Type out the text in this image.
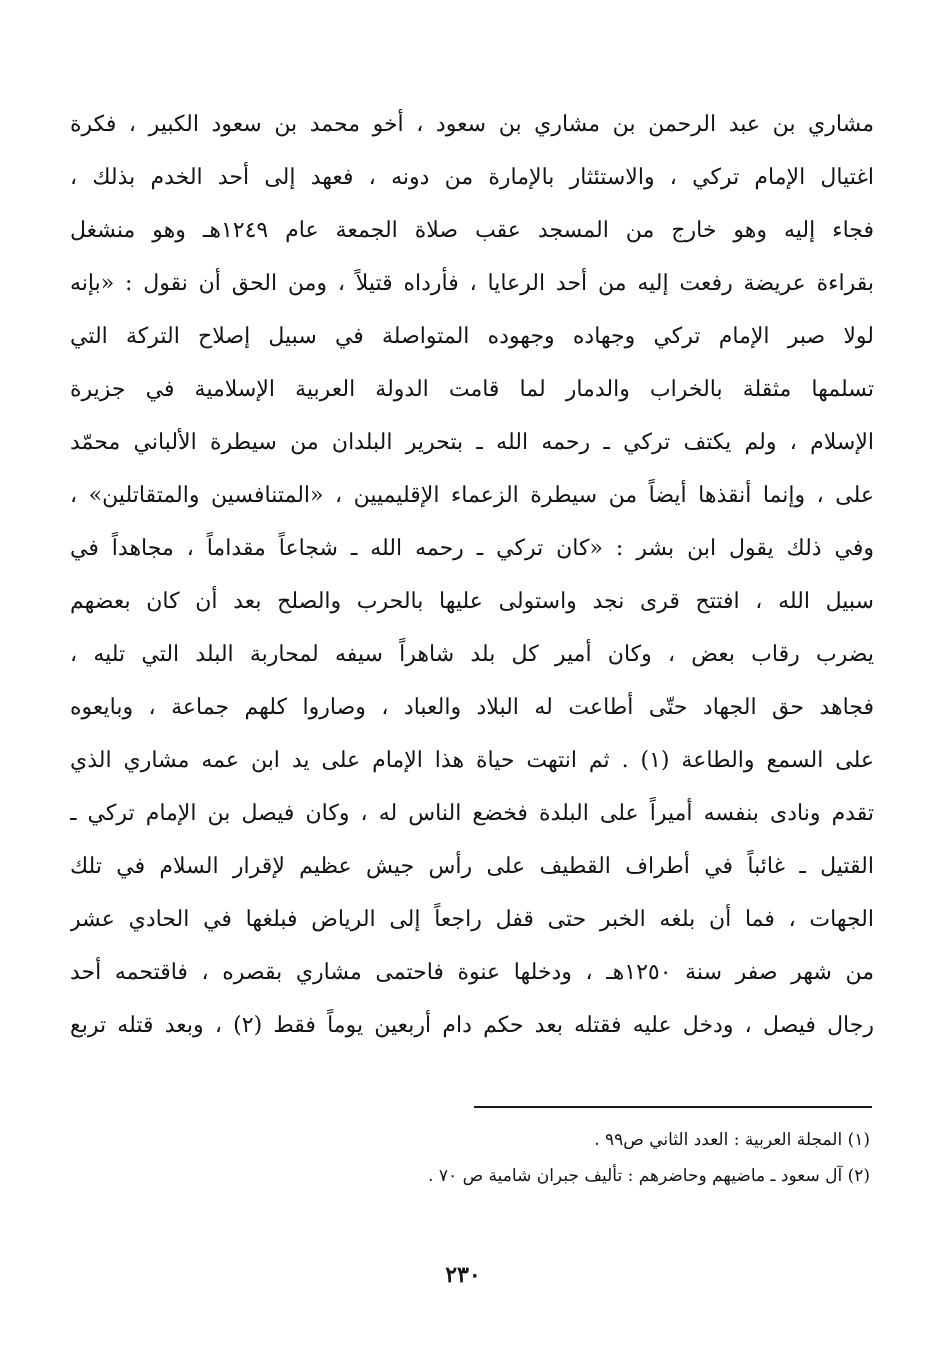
مشاري بن عبد الرحمن بن مشاري بن سعود ، أخو محمد بن سعود الكبير ، فكرة
اغتيال الإمام تركي ، والاستئثار بالإمارة من دونه ، فعهد إلى أحد الخدم بذلك ،
فجاء إليه وهو خارج من المسجد عقب صلاة الجمعة عام ١٢٤٩هـ وهو منشغل
بقراءة عريضة رفعت إليه من أحد الرعايا ، فأرداه قتيلاً ، ومن الحق أن نقول : «بإنه
لولا صبر الإمام تركي وجهاده وجهوده المتواصلة في سبيل إصلاح التركة التي
تسلمها مثقلة بالخراب والدمار لما قامت الدولة العربية الإسلامية في جزيرة
الإسلام ، ولم يكتف تركي ـ رحمه الله ـ بتحرير البلدان من سيطرة الألباني محمّد
على ، وإنما أنقذها أيضاً من سيطرة الزعماء الإقليميين ، «المتنافسين والمتقاتلين» ،
وفي ذلك يقول ابن بشر : «كان تركي ـ رحمه الله ـ شجاعاً مقداماً ، مجاهداً في
سبيل الله ، افتتح قرى نجد واستولى عليها بالحرب والصلح بعد أن كان بعضهم
يضرب رقاب بعض ، وكان أمير كل بلد شاهراً سيفه لمحاربة البلد التي تليه ،
فجاهد حق الجهاد حتّى أطاعت له البلاد والعباد ، وصاروا كلهم جماعة ، وبايعوه
على السمع والطاعة (١) . ثم انتهت حياة هذا الإمام على يد ابن عمه مشاري الذي
تقدم ونادى بنفسه أميراً على البلدة فخضع الناس له ، وكان فيصل بن الإمام تركي ـ
القتيل ـ غائباً في أطراف القطيف على رأس جيش عظيم لإقرار السلام في تلك
الجهات ، فما أن بلغه الخبر حتى قفل راجعاً إلى الرياض فبلغها في الحادي عشر
من شهر صفر سنة ١٢٥٠هـ ، ودخلها عنوة فاحتمى مشاري بقصره ، فاقتحمه أحد
رجال فيصل ، ودخل عليه فقتله بعد حكم دام أربعين يوماً فقط (٢) ، وبعد قتله تربع
(١) المجلة العربية : العدد الثاني ص٩٩ .
(٢) آل سعود ـ ماضيهم وحاضرهم : تأليف جبران شامية ص ٧٠ .
٢٣٠
